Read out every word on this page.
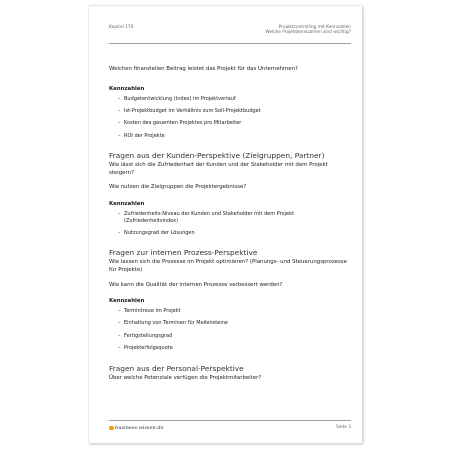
Kapitel 176	Projektcontrolling mit Kennzahlen
Welche Projektkennzahlen sind wichtig?

Welchen finanziellen Beitrag leistet das Projekt für das Unternehmen?

Kennzahlen

– Budgetentwicklung (Index) im Projektverlauf
– Ist-Projektbudget im Verhältnis zum Soll-Projektbudget
– Kosten des gesamten Projektes pro Mitarbeiter
– ROI der Projekte
Fragen aus der Kunden-Perspektive (Zielgruppen, Partner)

Wie lässt sich die Zufriedenheit der Kunden und der Stakeholder mit dem Projekt steigern?

Wie nutzen die Zielgruppen die Projektergebnisse?

Kennzahlen

– Zufriedenheits-Niveau der Kunden und Stakeholder mit dem Projekt (Zufriedenheitsindex)
– Nutzungsgrad der Lösungen
Fragen zur internen Prozess-Perspektive

Wie lassen sich die Prozesse im Projekt optimieren? (Planungs- und Steuerungsprozesse für Projekte)

Wie kann die Qualität der internen Prozesse verbessert werden?

Kennzahlen

– Termintreue im Projekt
– Einhaltung von Terminen für Meilensteine
– Fertigstellungsgrad
– Projekterfolgsquote
Fragen aus der Personal-Perspektive

Über welche Potenziale verfügen die Projektmitarbeiter?

business-wissen.de	Seite 3
